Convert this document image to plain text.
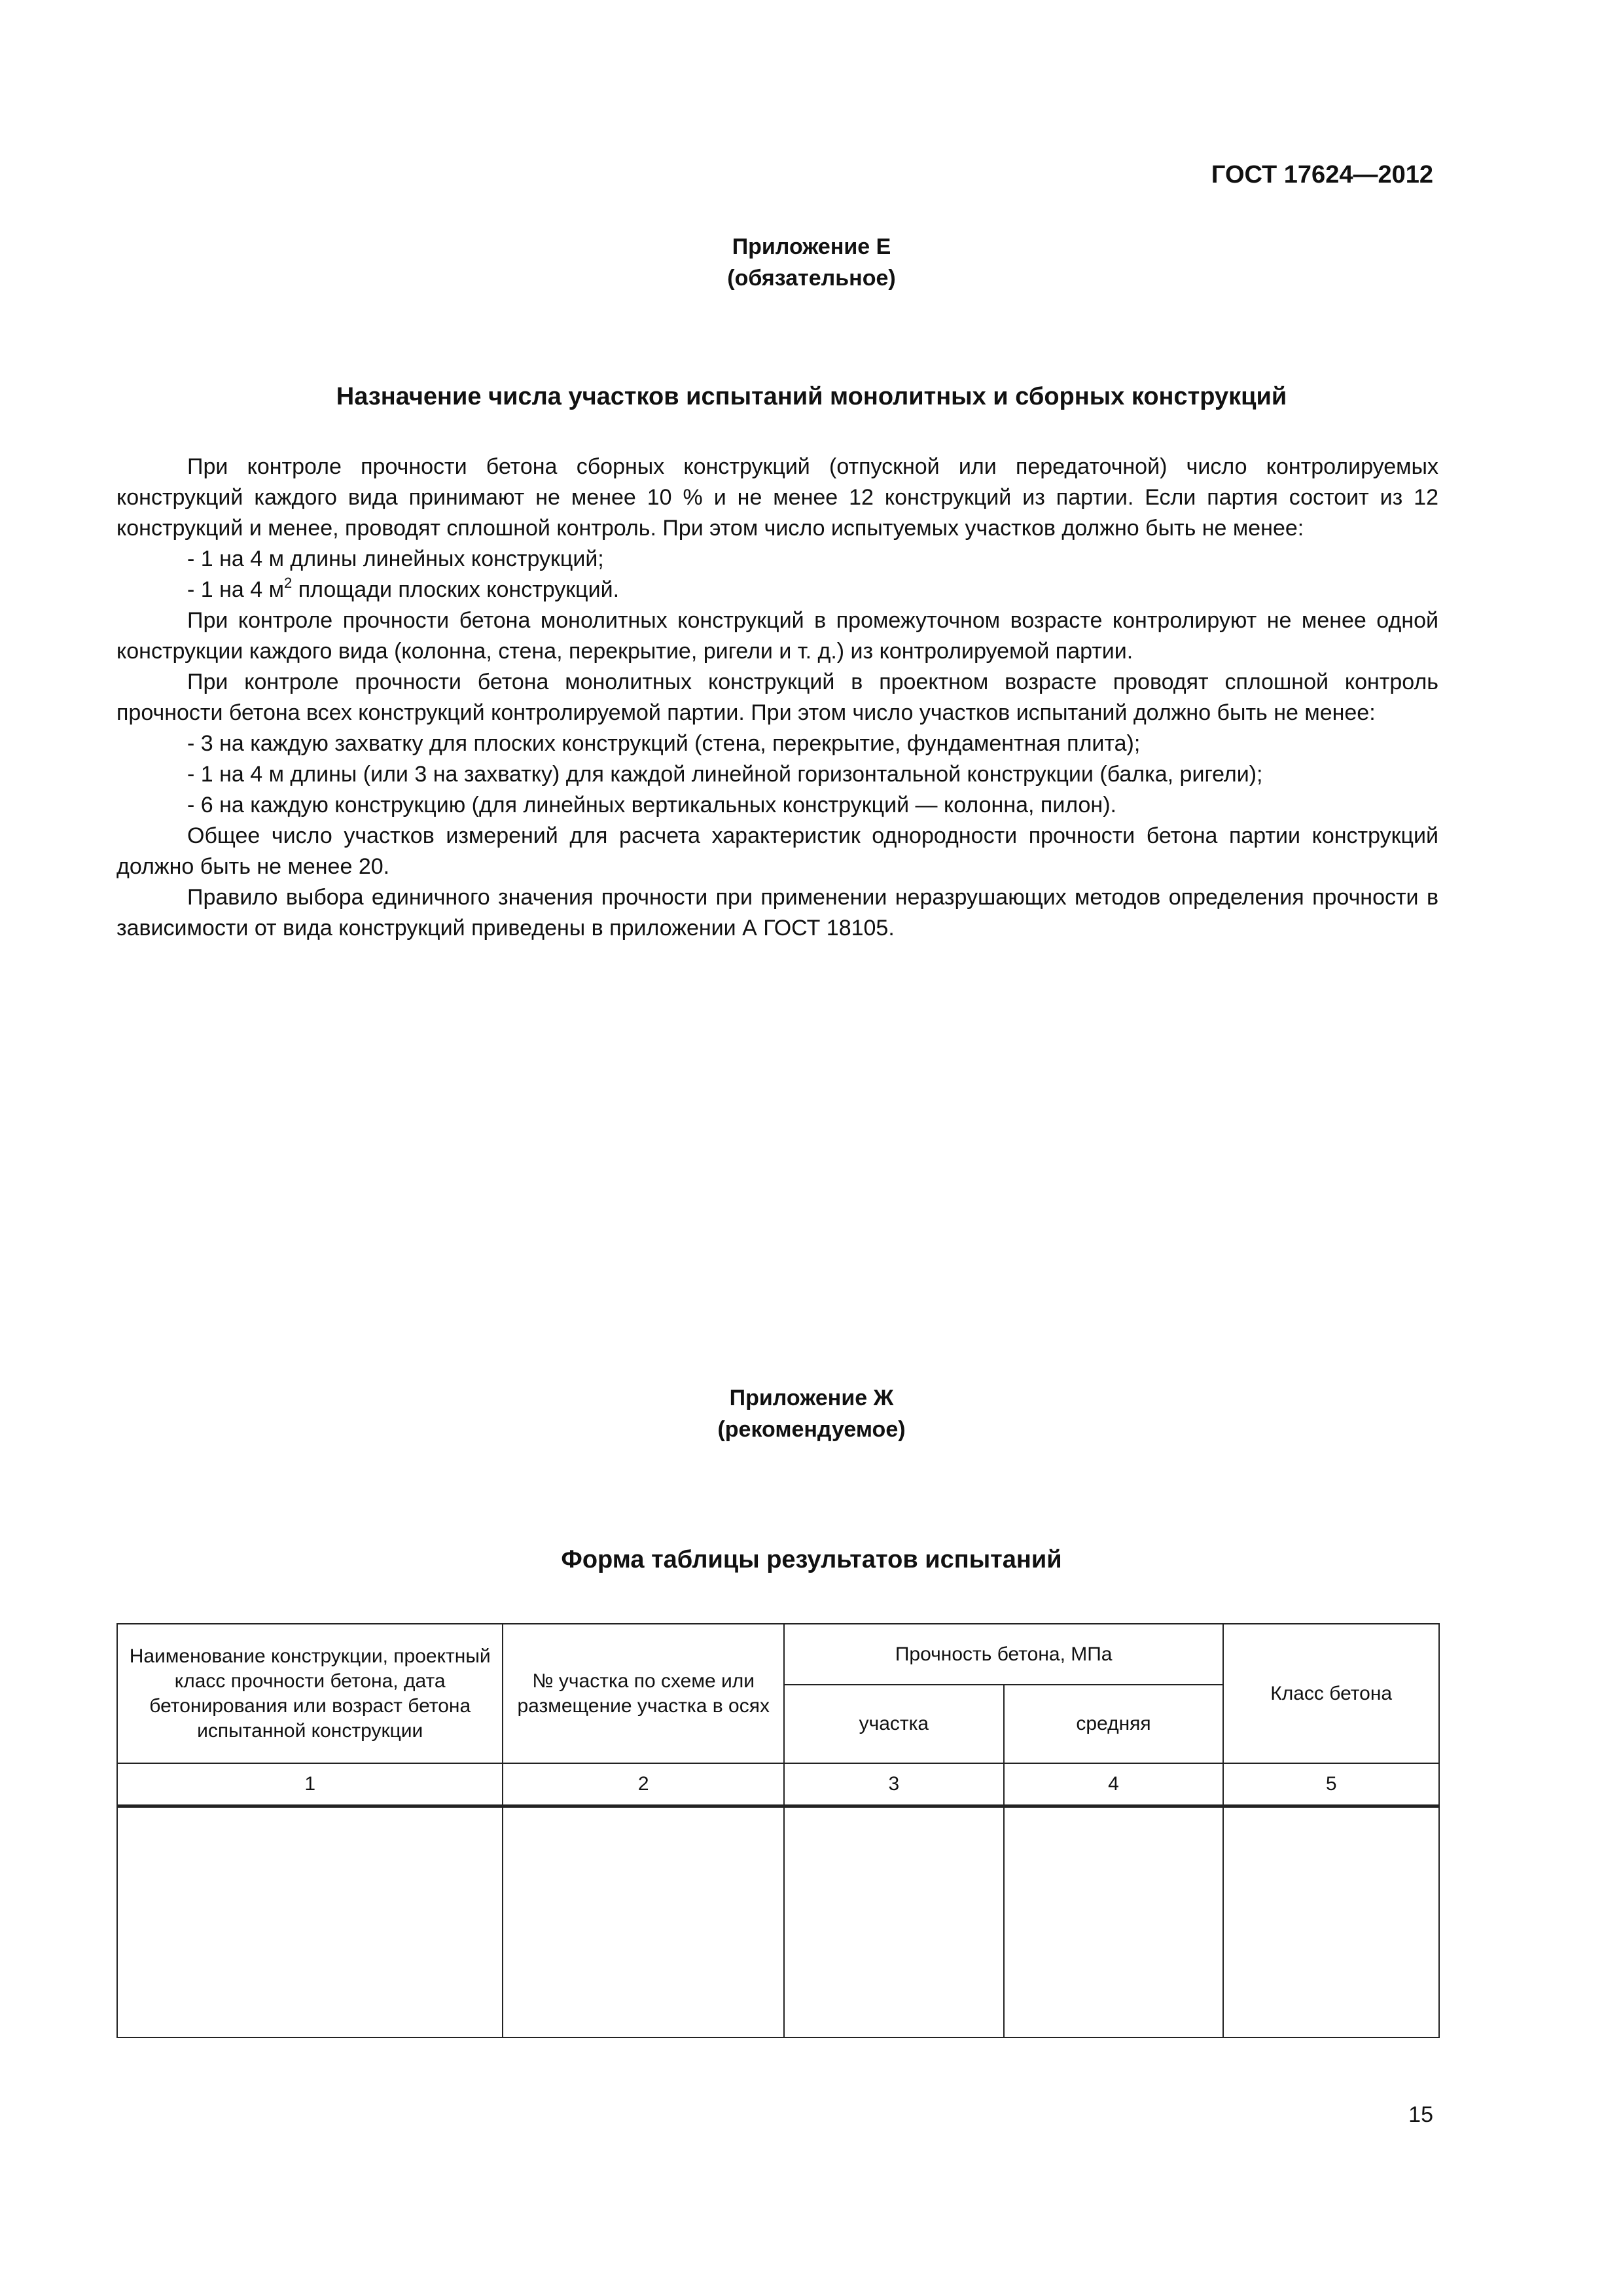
ГОСТ 17624—2012
Приложение Е
(обязательное)
Назначение числа участков испытаний монолитных и сборных конструкций

При контроле прочности бетона сборных конструкций (отпускной или передаточной) число контролируемых конструкций каждого вида принимают не менее 10 % и не менее 12 конструкций из партии. Если партия состоит из 12 конструкций и менее, проводят сплошной контроль. При этом число испытуемых участков должно быть не менее:

- 1 на 4 м длины линейных конструкций;

- 1 на 4 $м^2$ площади плоских конструкций.

При контроле прочности бетона монолитных конструкций в промежуточном возрасте контролируют не менее одной конструкции каждого вида (колонна, стена, перекрытие, ригели и т. д.) из контролируемой партии.

При контроле прочности бетона монолитных конструкций в проектном возрасте проводят сплошной контроль прочности бетона всех конструкций контролируемой партии. При этом число участков испытаний должно быть не менее:

- 3 на каждую захватку для плоских конструкций (стена, перекрытие, фундаментная плита);

- 1 на 4 м длины (или 3 на захватку) для каждой линейной горизонтальной конструкции (балка, ригели);

- 6 на каждую конструкцию (для линейных вертикальных конструкций — колонна, пилон).

Общее число участков измерений для расчета характеристик однородности прочности бетона партии конструкций должно быть не менее 20.

Правило выбора единичного значения прочности при применении неразрушающих методов определения прочности в зависимости от вида конструкций приведены в приложении А ГОСТ 18105.

Приложение Ж
(рекомендуемое)
Форма таблицы результатов испытаний
Наименование конструкции, проектный класс прочности бетона, дата бетонирования или возраст бетона испытанной конструкции	№ участка по схеме или размещение участка в осях	Прочность бетона, МПа		Класс бетона
		участка	средняя	
1	2	3	4	5

15
